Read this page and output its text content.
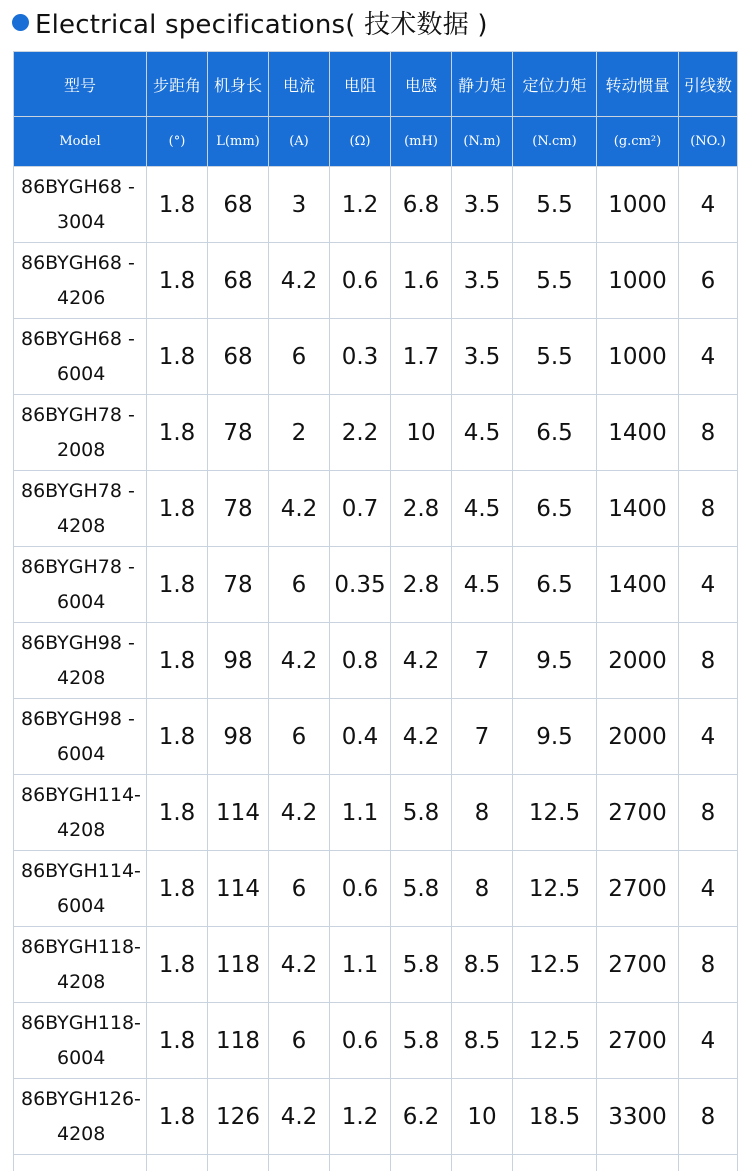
Electrical specifications( 技术数据 )
型号	步距角	机身长	电流	电阻	电感	静力矩	定位力矩	转动惯量	引线数
Model	(°)	L(mm)	(A)	(Ω)	(mH)	(N.m)	(N.cm)	(g.cm²)	(NO.)

86BYGH68 -
3004	1.8	68	3	1.2	6.8	3.5	5.5	1000	4

86BYGH68 -
4206	1.8	68	4.2	0.6	1.6	3.5	5.5	1000	6

86BYGH68 -
6004	1.8	68	6	0.3	1.7	3.5	5.5	1000	4

86BYGH78 -
2008	1.8	78	2	2.2	10	4.5	6.5	1400	8

86BYGH78 -
4208	1.8	78	4.2	0.7	2.8	4.5	6.5	1400	8

86BYGH78 -
6004	1.8	78	6	0.35	2.8	4.5	6.5	1400	4

86BYGH98 -
4208	1.8	98	4.2	0.8	4.2	7	9.5	2000	8

86BYGH98 -
6004	1.8	98	6	0.4	4.2	7	9.5	2000	4

86BYGH114-
4208	1.8	114	4.2	1.1	5.8	8	12.5	2700	8

86BYGH114-
6004	1.8	114	6	0.6	5.8	8	12.5	2700	4

86BYGH118-
4208	1.8	118	4.2	1.1	5.8	8.5	12.5	2700	8

86BYGH118-
6004	1.8	118	6	0.6	5.8	8.5	12.5	2700	4

86BYGH126-
4208	1.8	126	4.2	1.2	6.2	10	18.5	3300	8
